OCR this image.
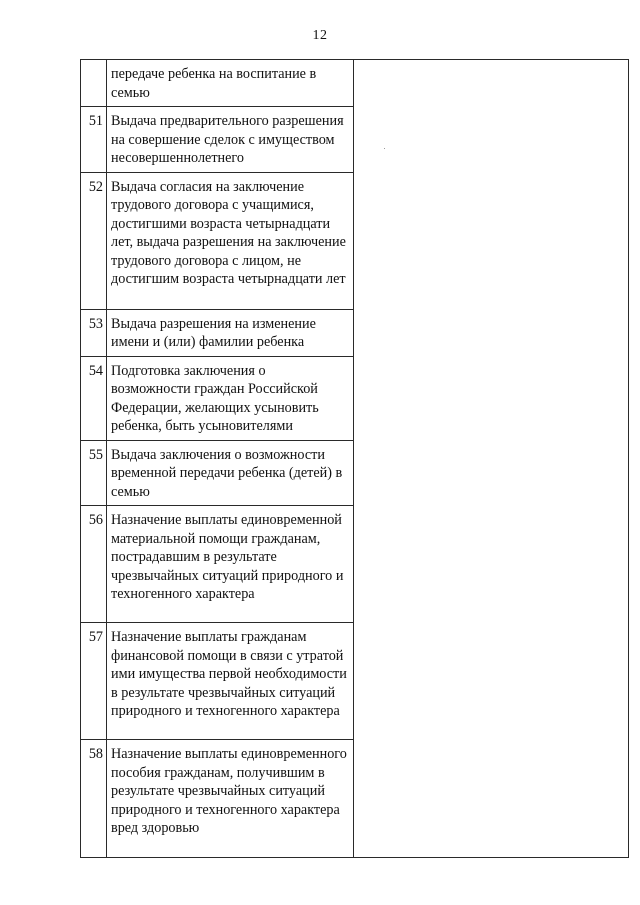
12
	передаче ребенка на воспитание в семью	
51	Выдача предварительного разрешения на совершение сделок с имуществом несовершеннолетнего	
52	Выдача согласия на заключение трудового договора с учащимися, достигшими возраста четырнадцати лет, выдача разрешения на заключение трудового договора с лицом, не достигшим возраста четырнадцати лет	
53	Выдача разрешения на изменение имени и (или) фамилии ребенка	
54	Подготовка заключения о возможности граждан Российской Федерации, желающих усыновить ребенка, быть усыновителями	
55	Выдача заключения о возможности временной передачи ребенка (детей) в семью	
56	Назначение выплаты единовременной материальной помощи гражданам, пострадавшим в результате чрезвычайных ситуаций природного и техногенного характера	
57	Назначение выплаты гражданам финансовой помощи в связи с утратой ими имущества первой необходимости в результате чрезвычайных ситуаций природного и техногенного характера	
58	Назначение выплаты единовременного пособия гражданам, получившим в результате чрезвычайных ситуаций природного и техногенного характера вред здоровью	
